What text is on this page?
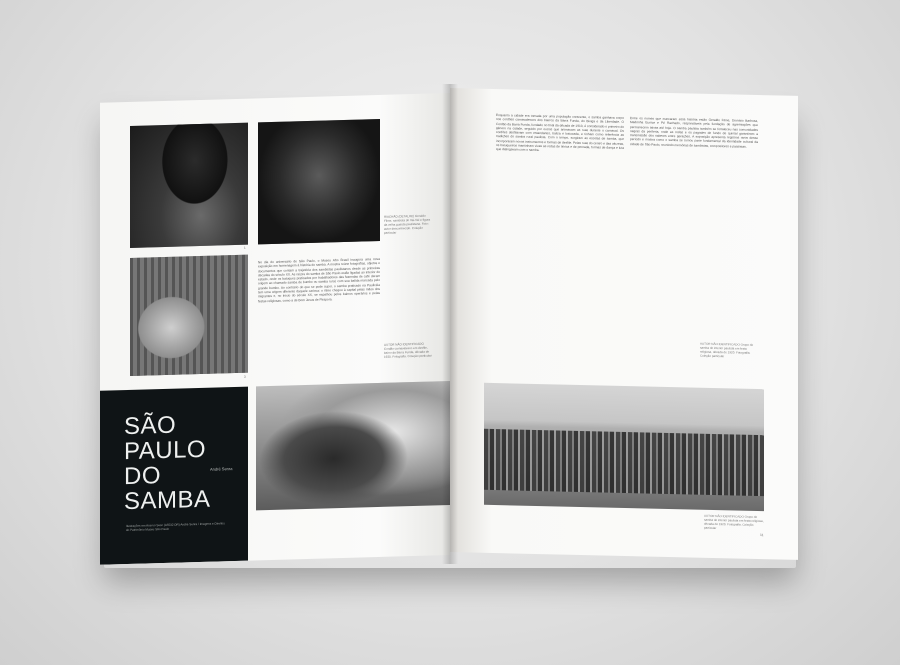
1
RIACHÃO (DETALHE) Geraldo Filme, sambista do Vai-Vai e figura da velha guarda paulistana. Foto: autor desconhecido. Coleção particular
3
No dia do aniversário de São Paulo, o Museu Afro Brasil inaugura uma nova exposição em homenagem à história do samba. A mostra reúne fotografias, objetos e documentos que contam a trajetória dos sambistas paulistanos desde as primeiras décadas do século XX. As raízes do samba de São Paulo estão ligadas ao interior do estado, onde os batuques praticados por trabalhadores das fazendas de café deram origem ao chamado samba de bumbo ou samba rural, com sua batida marcada pelo grande bumbo. Ao contrário do que se pode supor, o samba praticado na Paulicéia tem uma origem diferente daquele carioca: o ritmo chegou à capital pelas mãos dos migrantes e, no início do século XX, se espalhou pelos bairros operários e pelas festas religiosas, como a de Bom Jesus de Pirapora.
AUTOR NÃO IDENTIFICADO Cordão carnavalesco em desfile, bairro da Barra Funda, década de 1930. Fotografia. Coleção particular
SÃO PAULO
DO SAMBA
André Senra
Ilustrações em Acervo Sesc (A5532 DR) André Senra / Imagens e Direitos do Patrimônio Museu São Paulo
Enquanto a cidade era tomada por uma população crescente, o samba ganhava corpo nos cordões carnavalescos dos bairros da Barra Funda, do Bixiga e da Liberdade. O Cordão da Barra Funda, fundado no final da década de 1910, é considerado o primeiro do gênero na cidade, seguido por outros que animavam as ruas durante o carnaval. Os cordões desfilavam com estandartes, baliza e batucada, e tinham como referência as tradições do samba rural paulista. Com o tempo, surgiram as escolas de samba, que incorporaram novos instrumentos e formas de desfile. Pelas ruas do centro e das várzeas, os batuqueiros mantinham vivas as rodas de tiririca e de pernada, formas de dança e luta que dialogavam com o samba.
Entre os nomes que marcaram essa história estão Geraldo Filme, Dionísio Barbosa, Madrinha Eunice e Pé Rachado, responsáveis pela fundação de agremiações que permanecem ativas até hoje. O samba paulista também se fortaleceu nas comunidades negras da periferia, onde as rodas e os pagodes de fundo de quintal garantiram a transmissão dos saberes entre gerações. A exposição apresenta registros raros desse período e mostra como o samba se tornou parte fundamental da identidade cultural da cidade de São Paulo, reunindo memórias de sambistas, compositores e passistas.
AUTOR NÃO IDENTIFICADO Grupo de samba do interior paulista em festa religiosa, década de 1920. Fotografia. Coleção particular
AUTOR NÃO IDENTIFICADO Grupo de samba do interior paulista em festa religiosa, década de 1920. Fotografia. Coleção particular
11
